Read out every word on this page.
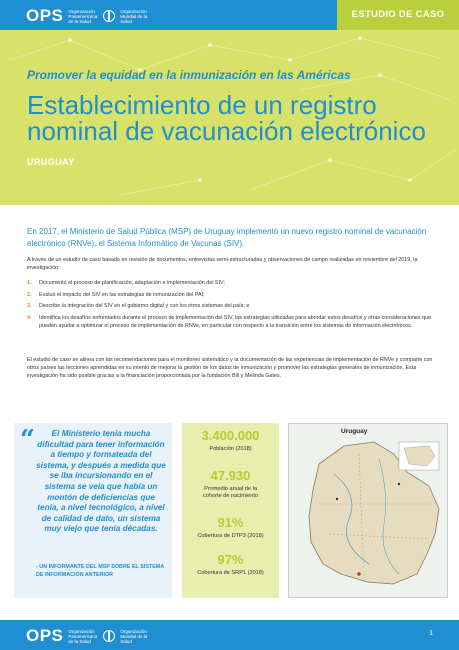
OPS Organización Panamericana de la Salud
Organización Mundial de la Salud
ESTUDIO DE CASO
Promover la equidad en la inmunización en las Américas
Establecimiento de un registro nominal de vacunación electrónico
URUGUAY

En 2017, el Ministerio de Salud Pública (MSP) de Uruguay implementó un nuevo registro nominal de vacunación electrónico (RNVe), el Sistema Informático de Vacunas (SIV).

A través de un estudio de caso basado en revisión de documentos, entrevistas semi-estructuradas y observaciones de campo realizadas en noviembre del 2019, la investigación:

1. Documentó el proceso de planificación, adaptación e implementación del SIV;
2. Evaluó el impacto del SIV en las estrategias de inmunización del PAI;
3. Describe la integración del SIV en el gobierno digital y con los otros sistemas del país; e
4. Identifica los desafíos enfrentados durante el proceso de implementación del SIV, las estrategias utilizadas para abordar estos desafíos y otras consideraciones que pueden ayudar a optimizar el proceso de implementación de RNVe, en particular con respecto a la transición entre los sistemas de información electrónicos.

El estudio de caso se alinea con las recomendaciones para el monitoreo sistemático y la documentación de las experiencias de implementación de RNVe y comparte con otros países las lecciones aprendidas en su intento de mejorar la gestión de los datos de inmunización y promover las estrategias generales de inmunización. Esta investigación ha sido posible gracias a la financiación proporcionada por la fundación Bill y Melinda Gates.

“	El Ministerio tenía mucha dificultad para tener información a tiempo y formateada del sistema, y después a medida que se iba incursionando en el sistema se veía que había un montón de deficiencias que tenía, a nivel tecnológico, a nivel de calidad de dato, un sistema muy viejo que tenía décadas.

- UN INFORMANTE DEL MSP SOBRE EL SISTEMA DE INFORMACIÓN ANTERIOR

3.400.000
Población (2018)
47.930
Promedio anual de la cohorte de nacimiento
91%
Cobertura de DTP3 (2018)
97%
Cobertura de SRP1 (2018)
Uruguay
OPS Organización Panamericana de la Salud
Organización Mundial de la Salud
1
